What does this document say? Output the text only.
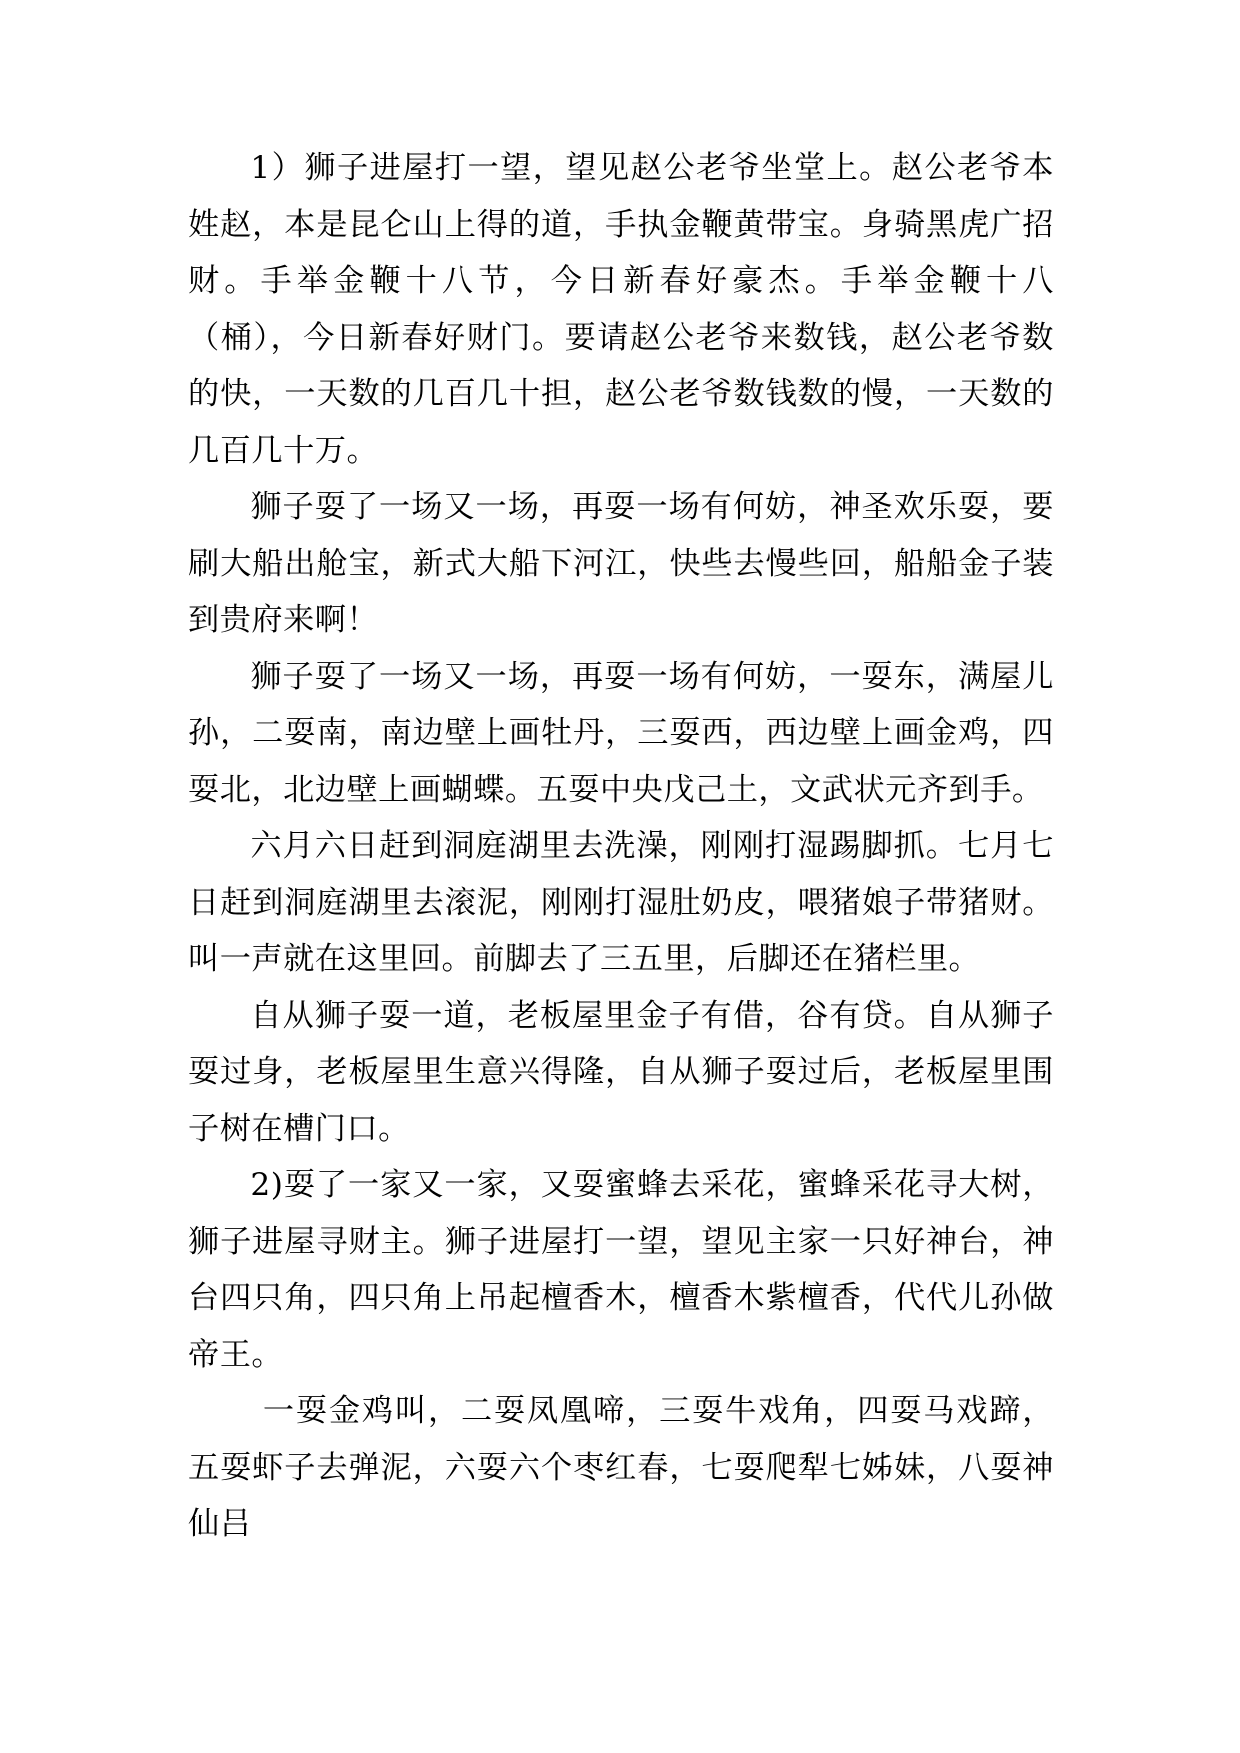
1）狮子进屋打一望，望见赵公老爷坐堂上。赵公老爷本姓赵，本是昆仑山上得的道，手执金鞭黄带宝。身骑黑虎广招财。手举金鞭十八节，今日新春好豪杰。手举金鞭十八（桶），今日新春好财门。要请赵公老爷来数钱，赵公老爷数的快，一天数的几百几十担，赵公老爷数钱数的慢，一天数的几百几十万。

狮子耍了一场又一场，再耍一场有何妨，神圣欢乐耍，要刷大船出舱宝，新式大船下河江，快些去慢些回，船船金子装到贵府来啊！

狮子耍了一场又一场，再耍一场有何妨，一耍东，满屋儿孙，二耍南，南边壁上画牡丹，三耍西，西边壁上画金鸡，四耍北，北边壁上画蝴蝶。五耍中央戊己土，文武状元齐到手。

六月六日赶到洞庭湖里去洗澡，刚刚打湿踢脚抓。七月七日赶到洞庭湖里去滚泥，刚刚打湿肚奶皮，喂猪娘子带猪财。叫一声就在这里回。前脚去了三五里，后脚还在猪栏里。

自从狮子耍一道，老板屋里金子有借，谷有贷。自从狮子耍过身，老板屋里生意兴得隆，自从狮子耍过后，老板屋里围子树在槽门口。

2)耍了一家又一家，又耍蜜蜂去采花，蜜蜂采花寻大树，狮子进屋寻财主。狮子进屋打一望，望见主家一只好神台，神台四只角，四只角上吊起檀香木，檀香木紫檀香，代代儿孙做帝王。

一耍金鸡叫，二耍凤凰啼，三耍牛戏角，四耍马戏蹄，五耍虾子去弹泥，六耍六个枣红春，七耍爬犁七姊妹，八耍神仙吕
